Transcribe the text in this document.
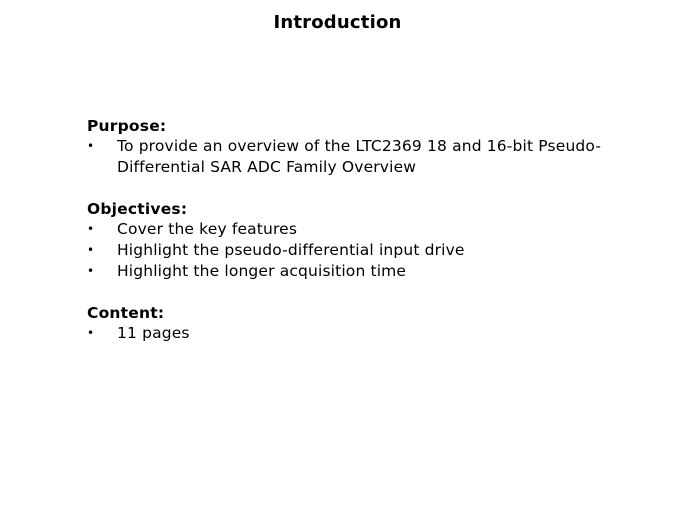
Introduction
Purpose:
• To provide an overview of the LTC2369 18 and 16-bit Pseudo-Differential SAR ADC Family Overview
Objectives:
• Cover the key features
• Highlight the pseudo-differential input drive
• Highlight the longer acquisition time
Content:
• 11 pages
